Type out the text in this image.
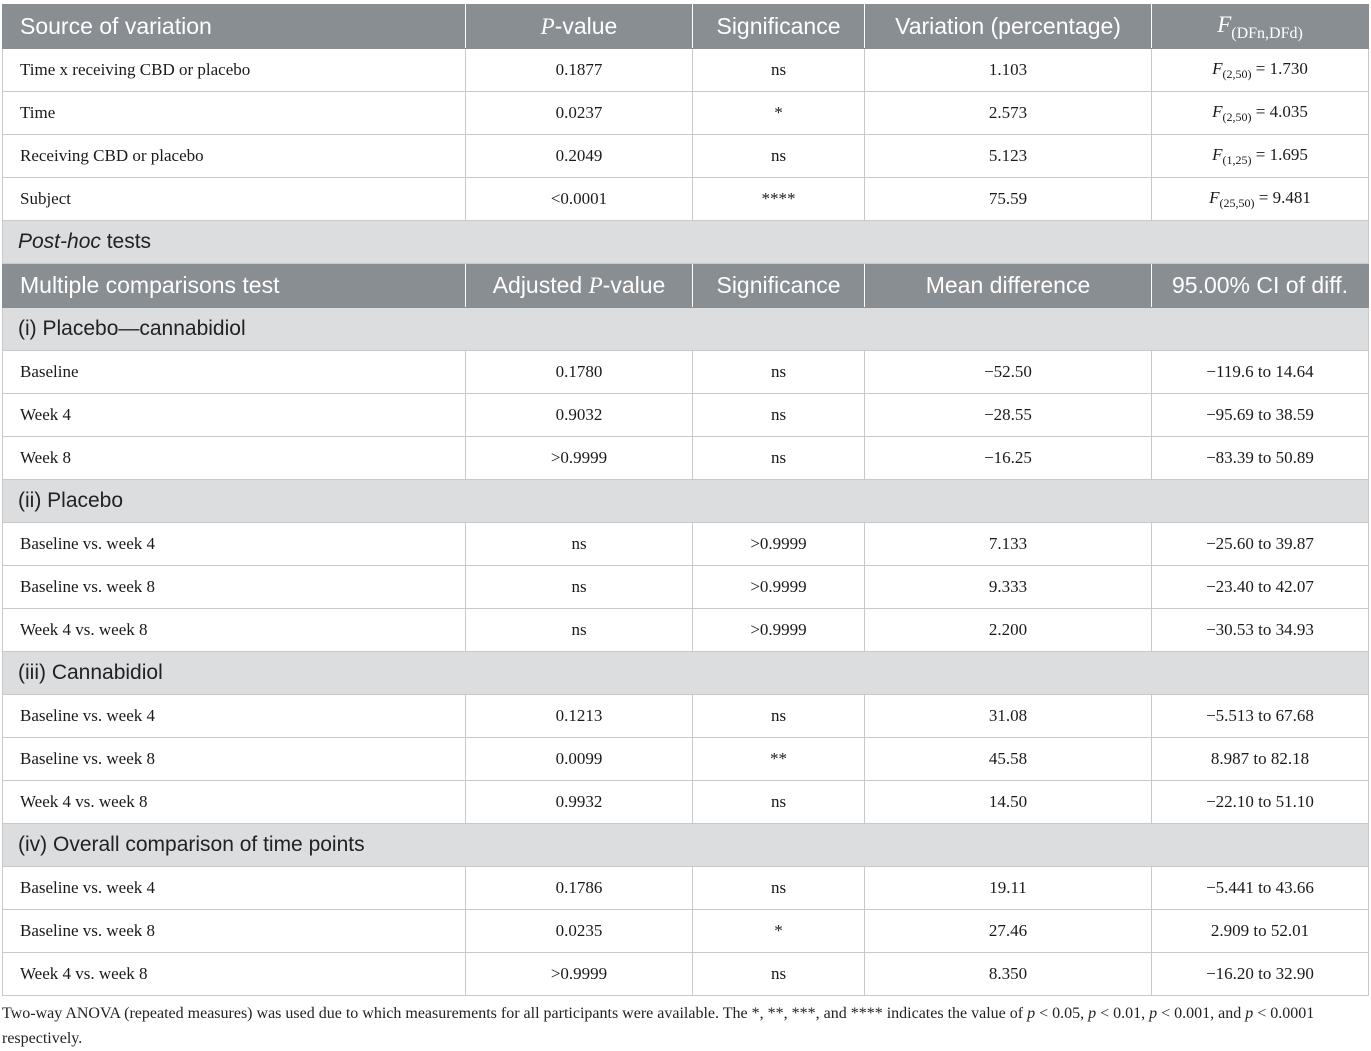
Source of variation	P-value	Significance	Variation (percentage)	$F_{(DFn,DFd)}$
Time x receiving CBD or placebo	0.1877	ns	1.103	$F_{(2,50)} = 1.730$
Time	0.0237	*	2.573	$F_{(2,50)} = 4.035$
Receiving CBD or placebo	0.2049	ns	5.123	$F_{(1,25)} = 1.695$
Subject	<0.0001	****	75.59	$F_{(25,50)} = 9.481$
Post-hoc tests				
Multiple comparisons test	Adjusted P-value	Significance	Mean difference	95.00% CI of diff.
(i) Placebo—cannabidiol				
Baseline	0.1780	ns	−52.50	−119.6 to 14.64
Week 4	0.9032	ns	−28.55	−95.69 to 38.59
Week 8	>0.9999	ns	−16.25	−83.39 to 50.89
(ii) Placebo				
Baseline vs. week 4	ns	>0.9999	7.133	−25.60 to 39.87
Baseline vs. week 8	ns	>0.9999	9.333	−23.40 to 42.07
Week 4 vs. week 8	ns	>0.9999	2.200	−30.53 to 34.93
(iii) Cannabidiol				
Baseline vs. week 4	0.1213	ns	31.08	−5.513 to 67.68
Baseline vs. week 8	0.0099	**	45.58	8.987 to 82.18
Week 4 vs. week 8	0.9932	ns	14.50	−22.10 to 51.10
(iv) Overall comparison of time points				
Baseline vs. week 4	0.1786	ns	19.11	−5.441 to 43.66
Baseline vs. week 8	0.0235	*	27.46	2.909 to 52.01
Week 4 vs. week 8	>0.9999	ns	8.350	−16.20 to 32.90
Two-way ANOVA (repeated measures) was used due to which measurements for all participants were available. The *, **, ***, and **** indicates the value of p < 0.05, p < 0.01, p < 0.001, and p < 0.0001 respectively.
